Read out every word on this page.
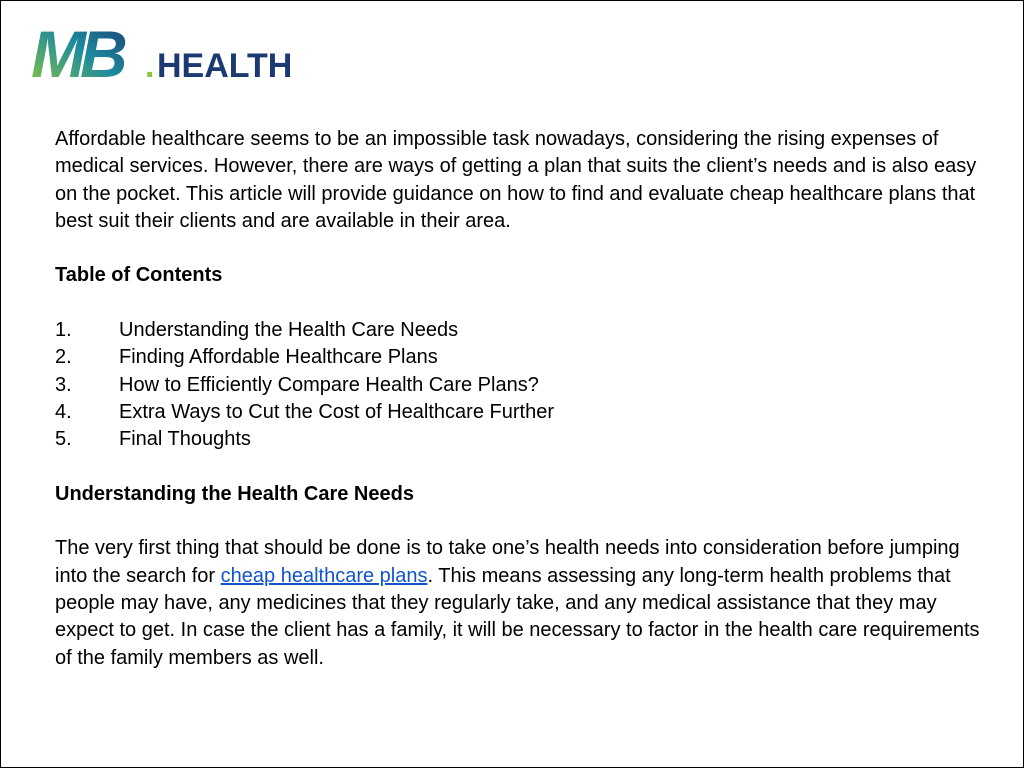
MB . HEALTH

Affordable healthcare seems to be an impossible task nowadays, considering the rising expenses of medical services. However, there are ways of getting a plan that suits the client’s needs and is also easy on the pocket. This article will provide guidance on how to find and evaluate cheap healthcare plans that best suit their clients and are available in their area.

Table of Contents

1.	Understanding the Health Care Needs
2.	Finding Affordable Healthcare Plans
3.	How to Efficiently Compare Health Care Plans?
4.	Extra Ways to Cut the Cost of Healthcare Further
5.	Final Thoughts

Understanding the Health Care Needs

The very first thing that should be done is to take one’s health needs into consideration before jumping into the search for cheap healthcare plans. This means assessing any long-term health problems that people may have, any medicines that they regularly take, and any medical assistance that they may expect to get. In case the client has a family, it will be necessary to factor in the health care requirements of the family members as well.
